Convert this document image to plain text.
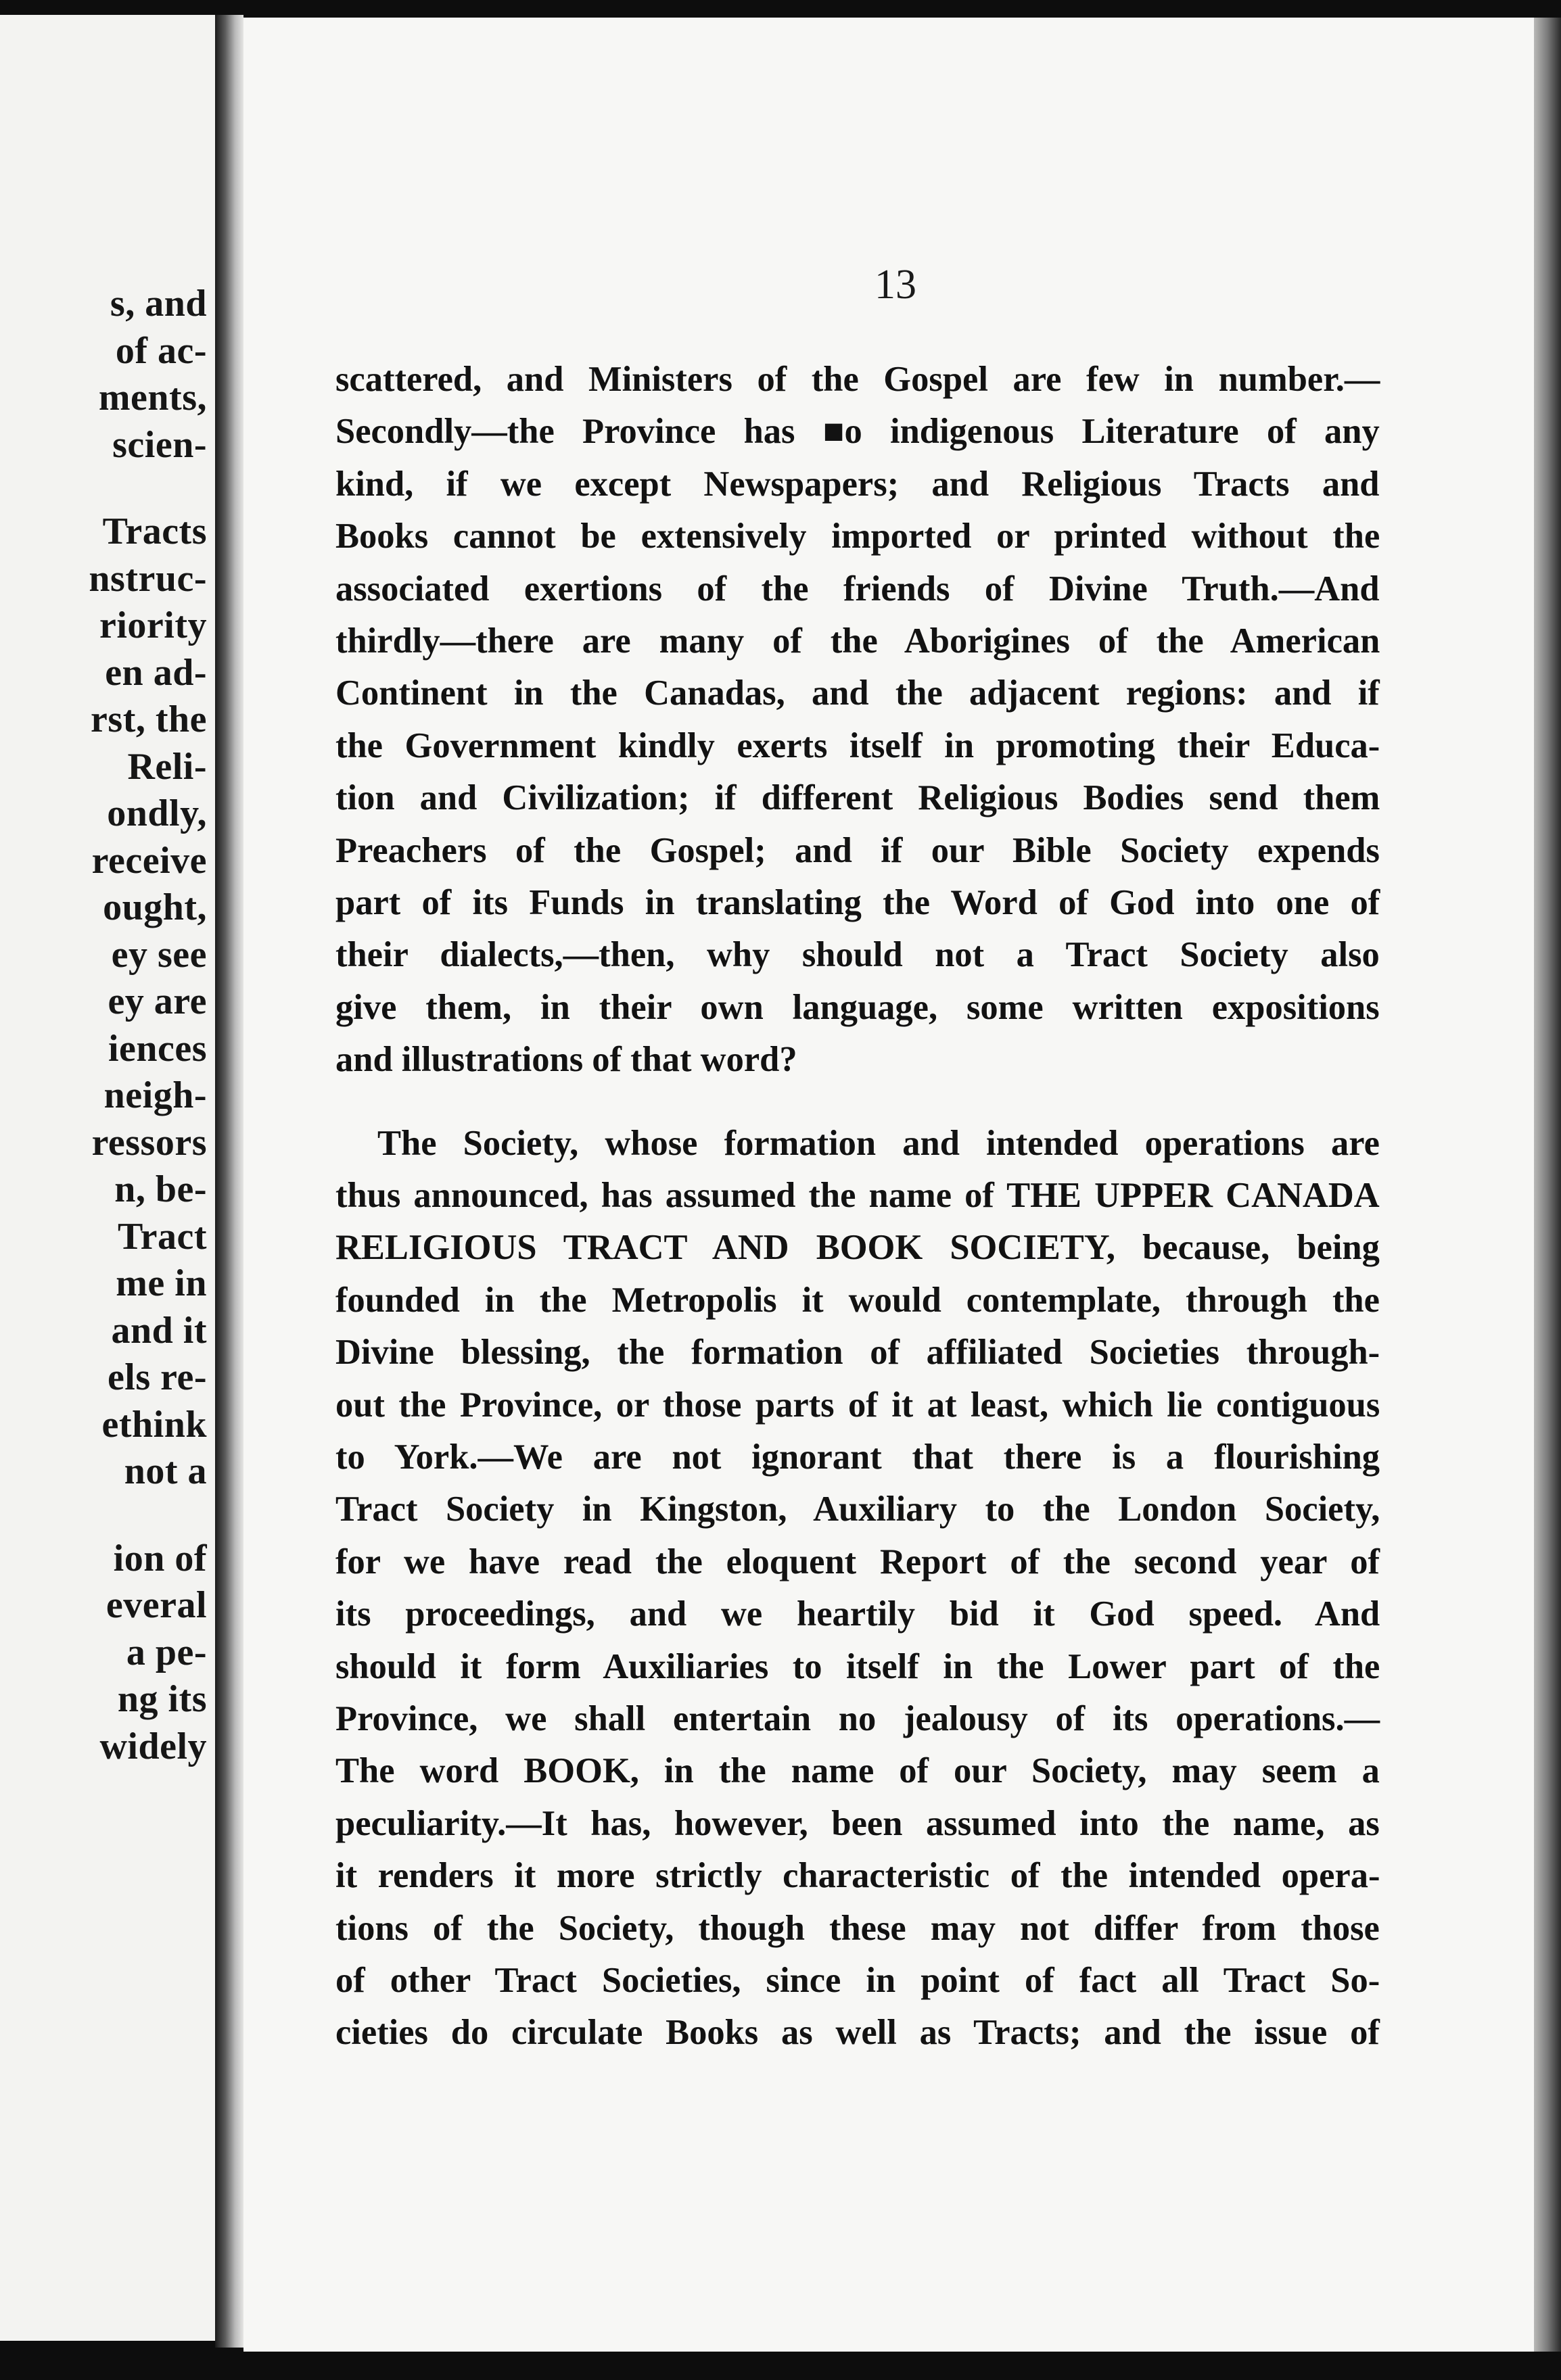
s, and
of ac-
ments,
scien-
Tracts
nstruc-
riority
en ad-
rst, the
Reli-
ondly,
receive
ought,
ey see
ey are
iences
neigh-
ressors
n, be-
Tract
me in
and it
els re-
ethink
not a
ion of
everal
a pe-
ng its
widely
13
scattered, and Ministers of the Gospel are few in number.—
Secondly—the Province has ■o indigenous Literature of any
kind, if we except Newspapers; and Religious Tracts and
Books cannot be extensively imported or printed without the
associated exertions of the friends of Divine Truth.—And
thirdly—there are many of the Aborigines of the American
Continent in the Canadas, and the adjacent regions: and if
the Government kindly exerts itself in promoting their Educa-
tion and Civilization; if different Religious Bodies send them
Preachers of the Gospel; and if our Bible Society expends
part of its Funds in translating the Word of God into one of
their dialects,—then, why should not a Tract Society also
give them, in their own language, some written expositions
and illustrations of that word?
The Society, whose formation and intended operations are
thus announced, has assumed the name of THE UPPER CANADA
RELIGIOUS TRACT AND BOOK SOCIETY, because, being
founded in the Metropolis it would contemplate, through the
Divine blessing, the formation of affiliated Societies through-
out the Province, or those parts of it at least, which lie contiguous
to York.—We are not ignorant that there is a flourishing
Tract Society in Kingston, Auxiliary to the London Society,
for we have read the eloquent Report of the second year of
its proceedings, and we heartily bid it God speed. And
should it form Auxiliaries to itself in the Lower part of the
Province, we shall entertain no jealousy of its operations.—
The word BOOK, in the name of our Society, may seem a
peculiarity.—It has, however, been assumed into the name, as
it renders it more strictly characteristic of the intended opera-
tions of the Society, though these may not differ from those
of other Tract Societies, since in point of fact all Tract So-
cieties do circulate Books as well as Tracts; and the issue of
